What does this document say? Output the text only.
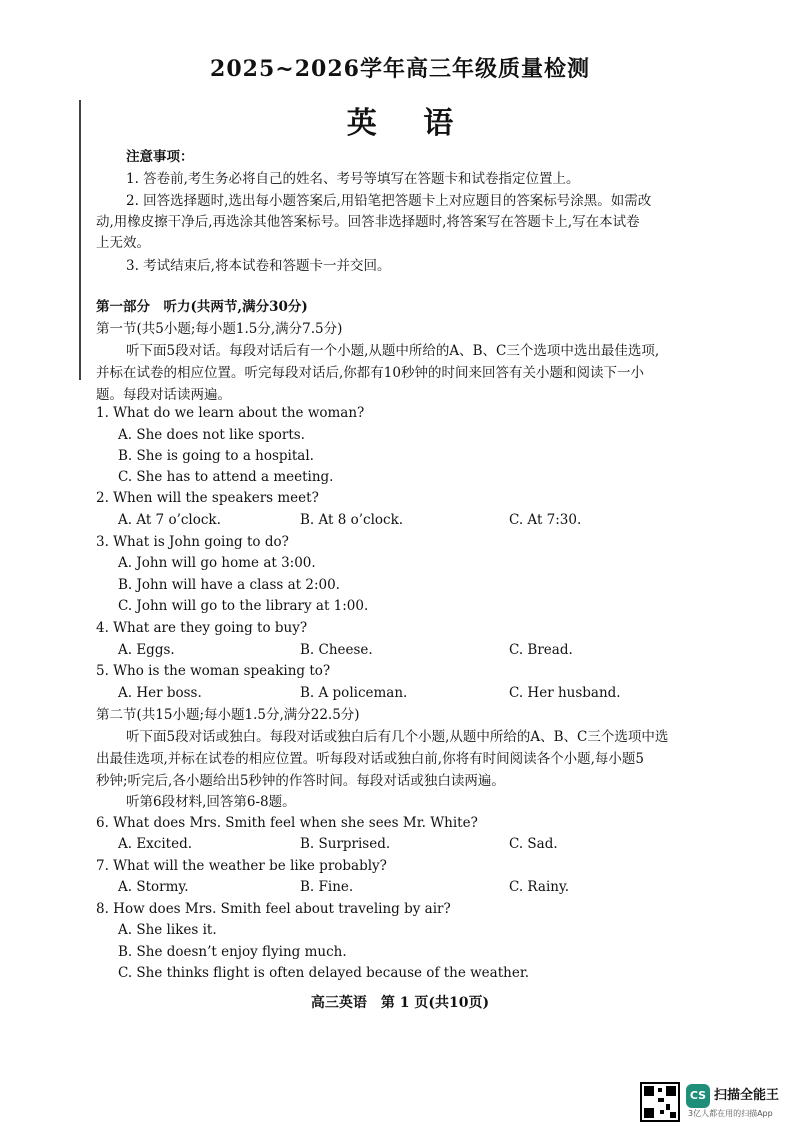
2025~2026学年高三年级质量检测
英 语
注意事项：
1. 答卷前,考生务必将自己的姓名、考号等填写在答题卡和试卷指定位置上。
2. 回答选择题时,选出每小题答案后,用铅笔把答题卡上对应题目的答案标号涂黑。如需改
动,用橡皮擦干净后,再选涂其他答案标号。回答非选择题时,将答案写在答题卡上,写在本试卷
上无效。
3. 考试结束后,将本试卷和答题卡一并交回。
第一部分　听力(共两节,满分30分)
第一节(共5小题;每小题1.5分,满分7.5分)
听下面5段对话。每段对话后有一个小题,从题中所给的A、B、C三个选项中选出最佳选项,
并标在试卷的相应位置。听完每段对话后,你都有10秒钟的时间来回答有关小题和阅读下一小
题。每段对话读两遍。
1. What do we learn about the woman?
A. She does not like sports.
B. She is going to a hospital.
C. She has to attend a meeting.
2. When will the speakers meet?
A. At 7 o’clock.	B. At 8 o’clock.	C. At 7:30.
3. What is John going to do?
A. John will go home at 3:00.
B. John will have a class at 2:00.
C. John will go to the library at 1:00.
4. What are they going to buy?
A. Eggs.	B. Cheese.	C. Bread.
5. Who is the woman speaking to?
A. Her boss.	B. A policeman.	C. Her husband.
第二节(共15小题;每小题1.5分,满分22.5分)
听下面5段对话或独白。每段对话或独白后有几个小题,从题中所给的A、B、C三个选项中选
出最佳选项,并标在试卷的相应位置。听每段对话或独白前,你将有时间阅读各个小题,每小题5
秒钟;听完后,各小题给出5秒钟的作答时间。每段对话或独白读两遍。
听第6段材料,回答第6-8题。
6. What does Mrs. Smith feel when she sees Mr. White?
A. Excited.	B. Surprised.	C. Sad.
7. What will the weather be like probably?
A. Stormy.	B. Fine.	C. Rainy.
8. How does Mrs. Smith feel about traveling by air?
A. She likes it.
B. She doesn’t enjoy flying much.
C. She thinks flight is often delayed because of the weather.
高三英语　第 1 页(共10页)
CS 扫描全能王
3亿人都在用的扫描App
